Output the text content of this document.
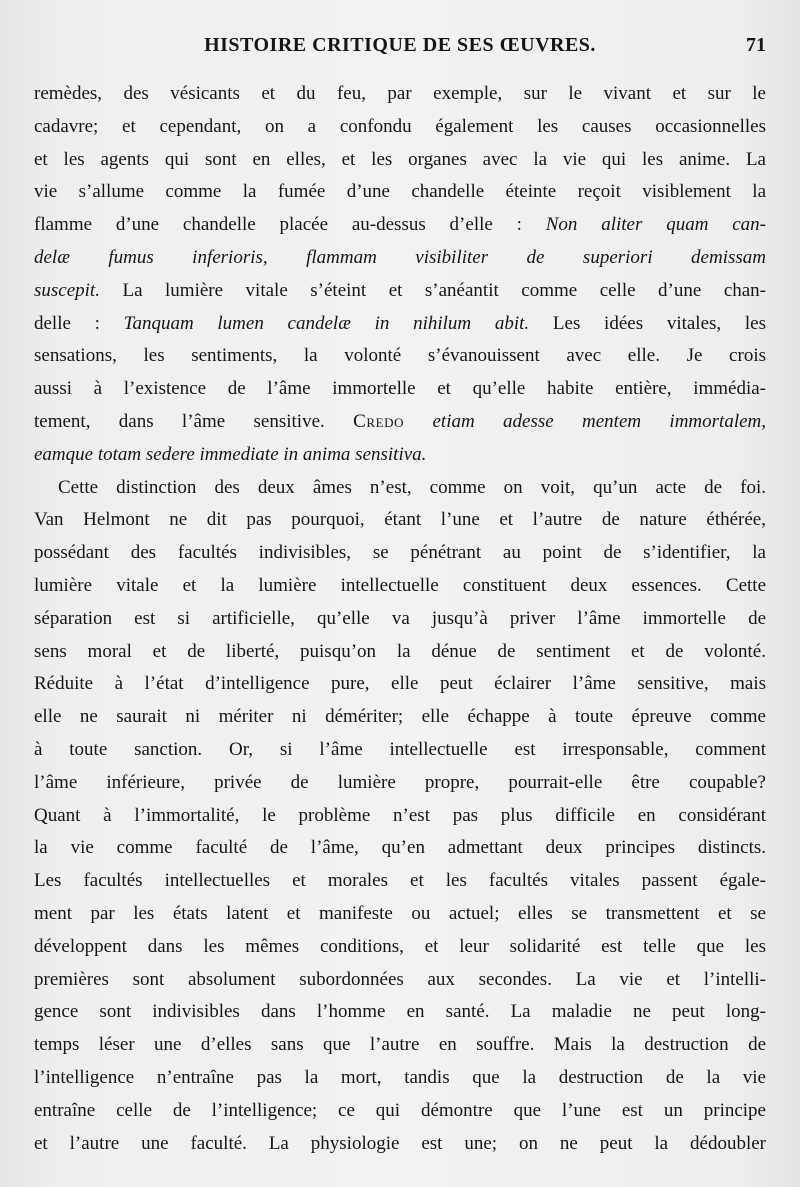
HISTOIRE CRITIQUE DE SES ŒUVRES.	71
remèdes, des vésicants et du feu, par exemple, sur le vivant et sur le
cadavre; et cependant, on a confondu également les causes occasionnelles
et les agents qui sont en elles, et les organes avec la vie qui les anime. La
vie s’allume comme la fumée d’une chandelle éteinte reçoit visiblement la
flamme d’une chandelle placée au-dessus d’elle : Non aliter quam can-
delæ fumus inferioris, flammam visibiliter de superiori demissam
suscepit. La lumière vitale s’éteint et s’anéantit comme celle d’une chan-
delle : Tanquam lumen candelæ in nihilum abit. Les idées vitales, les
sensations, les sentiments, la volonté s’évanouissent avec elle. Je crois
aussi à l’existence de l’âme immortelle et qu’elle habite entière, immédia-
tement, dans l’âme sensitive. Credo etiam adesse mentem immortalem,
eamque totam sedere immediate in anima sensitiva.
Cette distinction des deux âmes n’est, comme on voit, qu’un acte de foi.
Van Helmont ne dit pas pourquoi, étant l’une et l’autre de nature éthérée,
possédant des facultés indivisibles, se pénétrant au point de s’identifier, la
lumière vitale et la lumière intellectuelle constituent deux essences. Cette
séparation est si artificielle, qu’elle va jusqu’à priver l’âme immortelle de
sens moral et de liberté, puisqu’on la dénue de sentiment et de volonté.
Réduite à l’état d’intelligence pure, elle peut éclairer l’âme sensitive, mais
elle ne saurait ni mériter ni démériter; elle échappe à toute épreuve comme
à toute sanction. Or, si l’âme intellectuelle est irresponsable, comment
l’âme inférieure, privée de lumière propre, pourrait-elle être coupable?
Quant à l’immortalité, le problème n’est pas plus difficile en considérant
la vie comme faculté de l’âme, qu’en admettant deux principes distincts.
Les facultés intellectuelles et morales et les facultés vitales passent égale-
ment par les états latent et manifeste ou actuel; elles se transmettent et se
développent dans les mêmes conditions, et leur solidarité est telle que les
premières sont absolument subordonnées aux secondes. La vie et l’intelli-
gence sont indivisibles dans l’homme en santé. La maladie ne peut long-
temps léser une d’elles sans que l’autre en souffre. Mais la destruction de
l’intelligence n’entraîne pas la mort, tandis que la destruction de la vie
entraîne celle de l’intelligence; ce qui démontre que l’une est un principe
et l’autre une faculté. La physiologie est une; on ne peut la dédoubler
